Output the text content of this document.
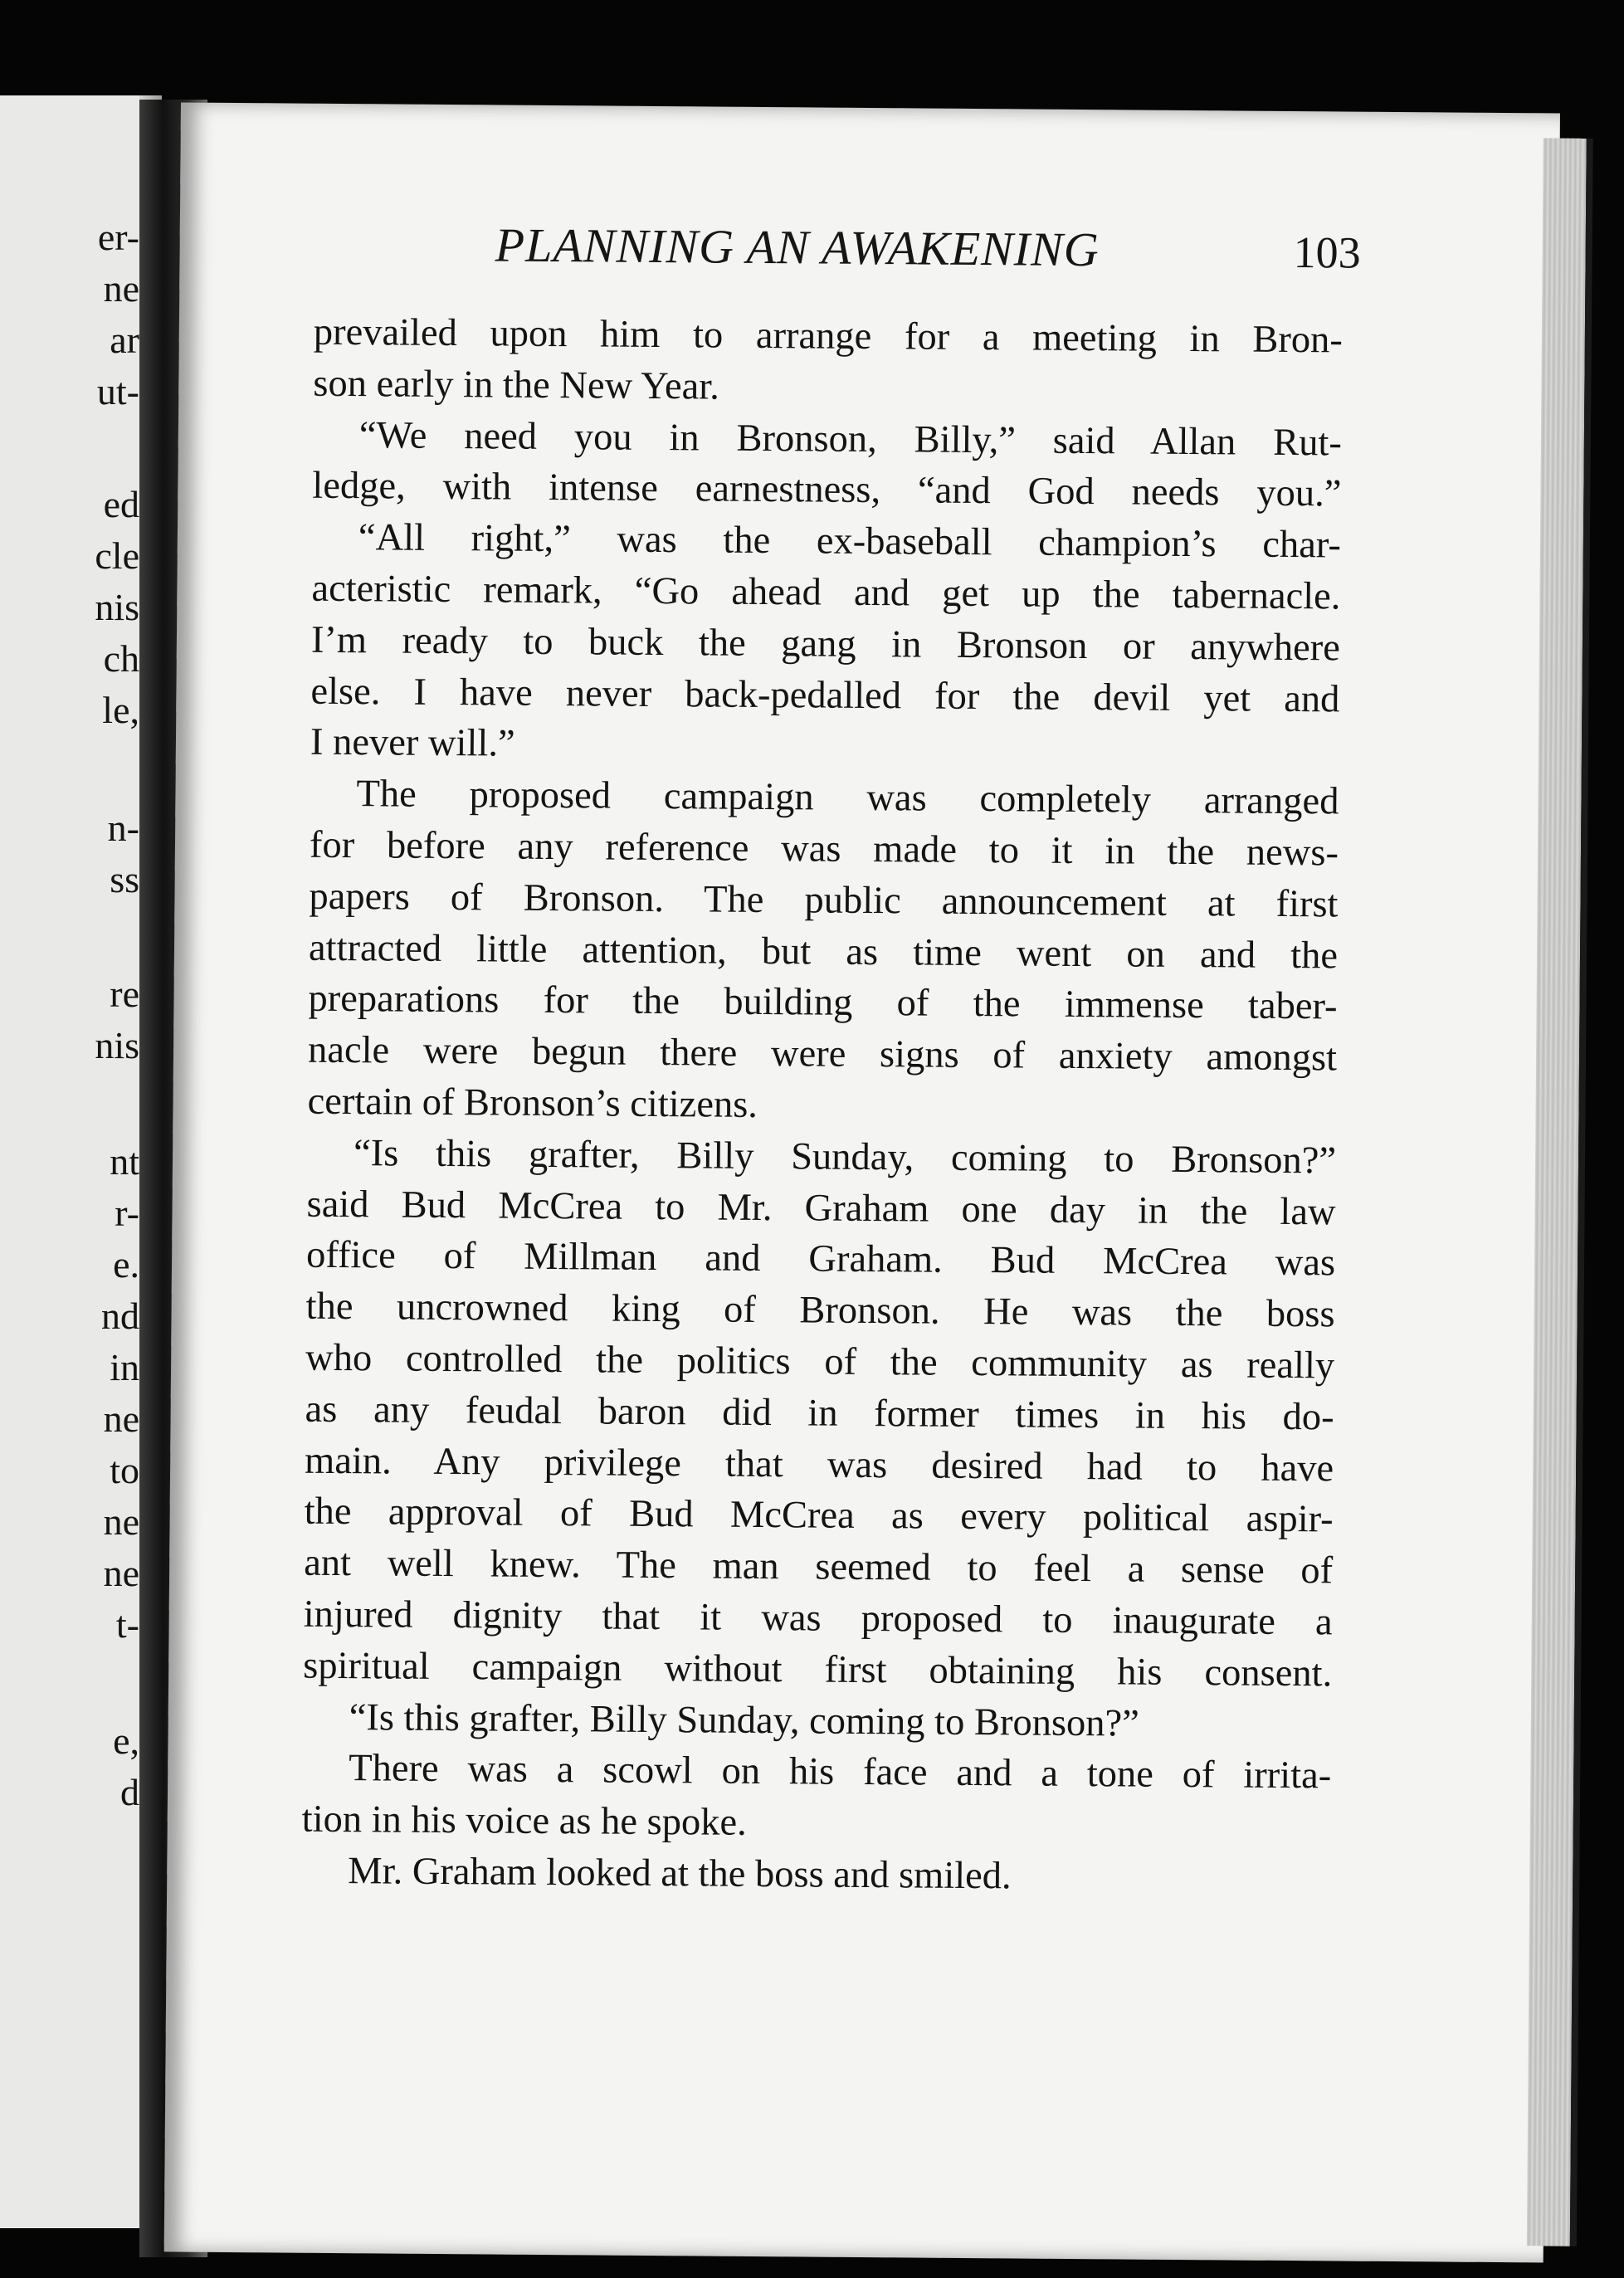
er-
ne
ar
ut-
ed
cle
nis
ch
le,
n-
ss
re
nis
nt
r-
e.
nd
in
ne
to
ne
ne
t-
e,
d
PLANNING AN AWAKENING	103
prevailed upon him to arrange for a meeting in Bron-
son early in the New Year.
“We need you in Bronson, Billy,” said Allan Rut-
ledge, with intense earnestness, “and God needs you.”
“All right,” was the ex-baseball champion’s char-
acteristic remark, “Go ahead and get up the tabernacle.
I’m ready to buck the gang in Bronson or anywhere
else. I have never back-pedalled for the devil yet and
I never will.”
The proposed campaign was completely arranged
for before any reference was made to it in the news-
papers of Bronson. The public announcement at first
attracted little attention, but as time went on and the
preparations for the building of the immense taber-
nacle were begun there were signs of anxiety amongst
certain of Bronson’s citizens.
“Is this grafter, Billy Sunday, coming to Bronson?”
said Bud McCrea to Mr. Graham one day in the law
office of Millman and Graham. Bud McCrea was
the uncrowned king of Bronson. He was the boss
who controlled the politics of the community as really
as any feudal baron did in former times in his do-
main. Any privilege that was desired had to have
the approval of Bud McCrea as every political aspir-
ant well knew. The man seemed to feel a sense of
injured dignity that it was proposed to inaugurate a
spiritual campaign without first obtaining his consent.
“Is this grafter, Billy Sunday, coming to Bronson?”
There was a scowl on his face and a tone of irrita-
tion in his voice as he spoke.
Mr. Graham looked at the boss and smiled.
